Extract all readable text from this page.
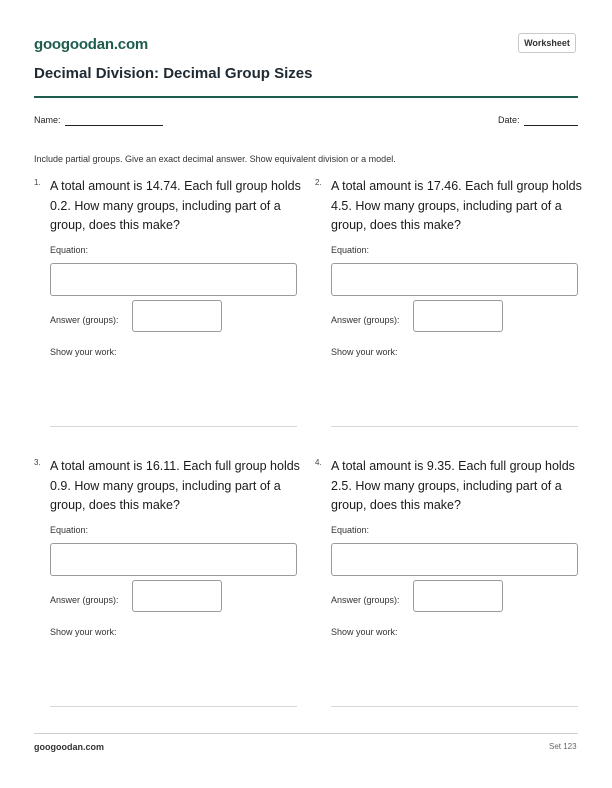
googoodan.com	Worksheet
Decimal Division: Decimal Group Sizes
Name:	Date:
Include partial groups. Give an exact decimal answer. Show equivalent division or a model.
1. A total amount is 14.74. Each full group holds 0.2. How many groups, including part of a group, does this make?
Equation:
Answer (groups):
Show your work:
2. A total amount is 17.46. Each full group holds 4.5. How many groups, including part of a group, does this make?
Equation:
Answer (groups):
Show your work:
3. A total amount is 16.11. Each full group holds 0.9. How many groups, including part of a group, does this make?
Equation:
Answer (groups):
Show your work:
4. A total amount is 9.35. Each full group holds 2.5. How many groups, including part of a group, does this make?
Equation:
Answer (groups):
Show your work:
googoodan.com	Set 123
